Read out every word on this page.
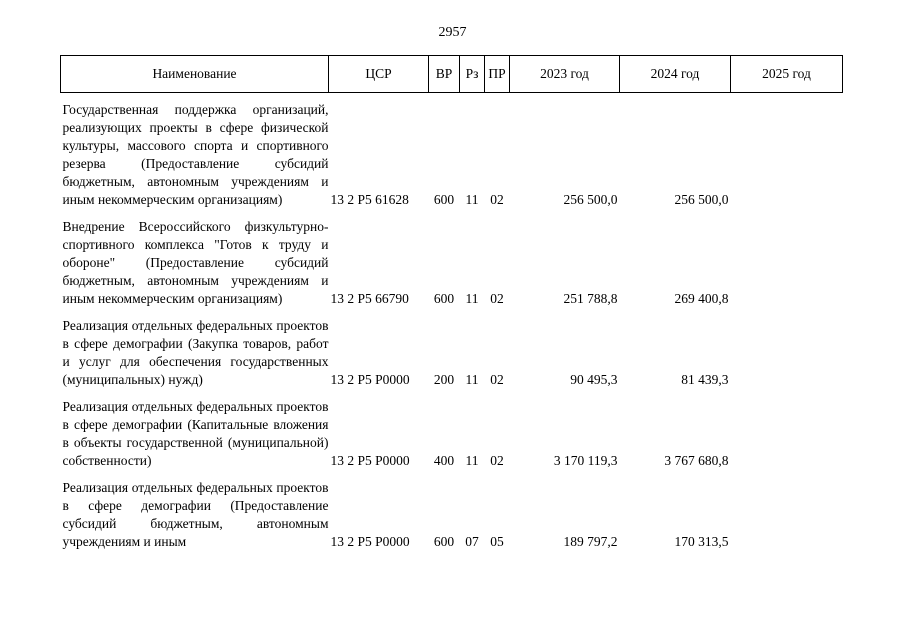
2957
Наименование	ЦСР	ВР	Рз	ПР	2023 год	2024 год	2025 год
Государственная поддержка организаций, реализующих проекты в сфере физической культуры, массового спорта и спортивного резерва (Предоставление субсидий бюджетным, автономным учреждениям и иным некоммерческим организациям)	13 2 Р5 61628	600	11	02	256 500,0	256 500,0	
Внедрение Всероссийского физкультурно-спортивного комплекса "Готов к труду и обороне" (Предоставление субсидий бюджетным, автономным учреждениям и иным некоммерческим организациям)	13 2 Р5 66790	600	11	02	251 788,8	269 400,8	
Реализация отдельных федеральных проектов в сфере демографии (Закупка товаров, работ и услуг для обеспечения государственных (муниципальных) нужд)	13 2 Р5 Р0000	200	11	02	90 495,3	81 439,3	
Реализация отдельных федеральных проектов в сфере демографии (Капитальные вложения в объекты государственной (муниципальной) собственности)	13 2 Р5 Р0000	400	11	02	3 170 119,3	3 767 680,8	
Реализация отдельных федеральных проектов в сфере демографии (Предоставление субсидий бюджетным, автономным учреждениям и иным	13 2 Р5 Р0000	600	07	05	189 797,2	170 313,5	
